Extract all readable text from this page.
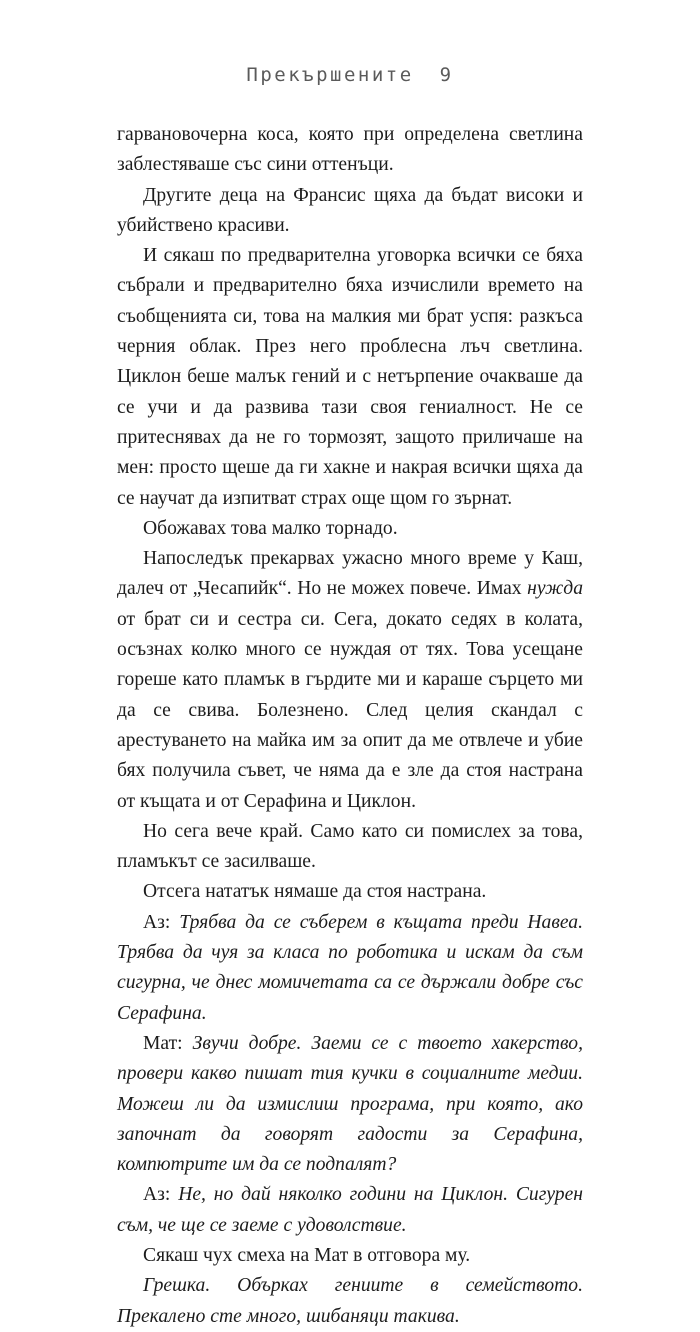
Прекършените 9

гарвановочерна коса, която при определена светлина заблестяваше със сини оттенъци.

Другите деца на Франсис щяха да бъдат високи и убийствено красиви.

И сякаш по предварителна уговорка всички се бяха събрали и предварително бяха изчислили времето на съобщенията си, това на малкия ми брат успя: разкъса черния облак. През него проблесна лъч светлина. Циклон беше малък гений и с нетърпение очакваше да се учи и да развива тази своя гениалност. Не се притеснявах да не го тормозят, защото приличаше на мен: просто щеше да ги хакне и накрая всички щяха да се научат да изпитват страх още щом го зърнат.

Обожавах това малко торнадо.

Напоследък прекарвах ужасно много време у Каш, далеч от „Чесапийк“. Но не можех повече. Имах нужда от брат си и сестра си. Сега, докато седях в колата, осъзнах колко много се нуждая от тях. Това усещане гореше като пламък в гърдите ми и караше сърцето ми да се свива. Болезнено. След целия скандал с арестуването на майка им за опит да ме отвлече и убие бях получила съвет, че няма да е зле да стоя настрана от къщата и от Серафина и Циклон.

Но сега вече край. Само като си помислех за това, пламъкът се засилваше.

Отсега нататък нямаше да стоя настрана.

Аз: Трябва да се съберем в къщата преди Навеа. Трябва да чуя за класа по роботика и искам да съм сигурна, че днес момичетата са се държали добре със Серафина.

Мат: Звучи добре. Заеми се с твоето хакерство, провери какво пишат тия кучки в социалните медии. Можеш ли да измислиш програма, при която, ако започнат да говорят гадости за Серафина, компютрите им да се подпалят?

Аз: Не, но дай няколко години на Циклон. Сигурен съм, че ще се заеме с удоволствие.

Сякаш чух смеха на Мат в отговора му.

Грешка. Обърках гениите в семейството. Прекалено сте много, шибаняци такива.
